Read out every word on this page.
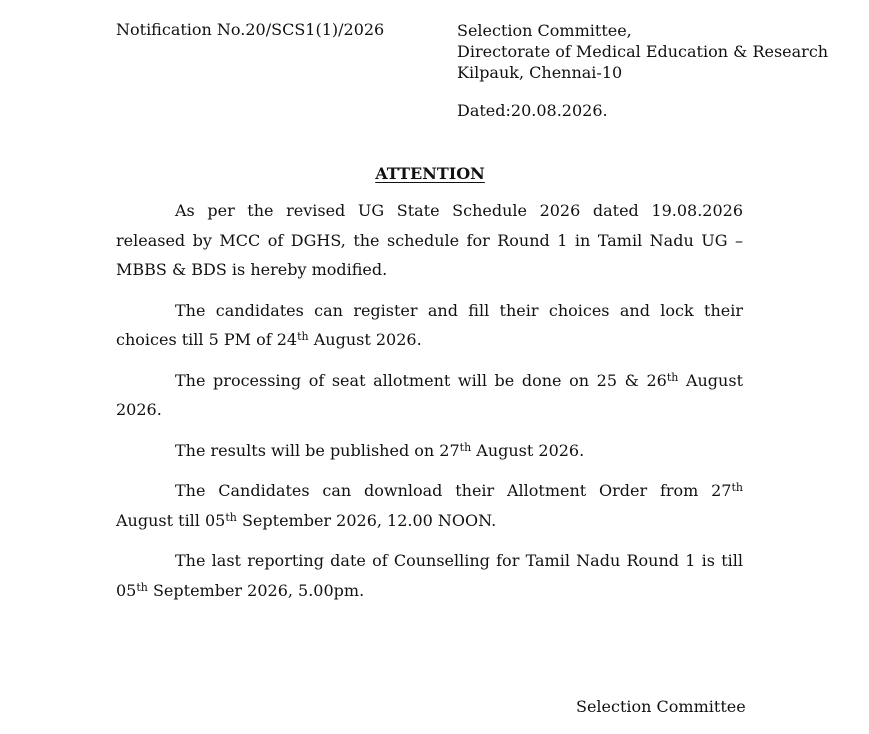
Notification No.20/SCS1(1)/2026	Selection Committee,
Directorate of Medical Education & Research
Kilpauk, Chennai-10
Dated:20.08.2026.
ATTENTION

As per the revised UG State Schedule 2026 dated 19.08.2026 released by MCC of DGHS, the schedule for Round 1 in Tamil Nadu UG –MBBS & BDS is hereby modified.

The candidates can register and fill their choices and lock their choices till 5 PM of 24th August 2026.

The processing of seat allotment will be done on 25 & 26th August 2026.

The results will be published on 27th August 2026.

The Candidates can download their Allotment Order from 27th August till 05th September 2026, 12.00 NOON.

The last reporting date of Counselling for Tamil Nadu Round 1 is till 05th September 2026, 5.00pm.

Selection Committee
